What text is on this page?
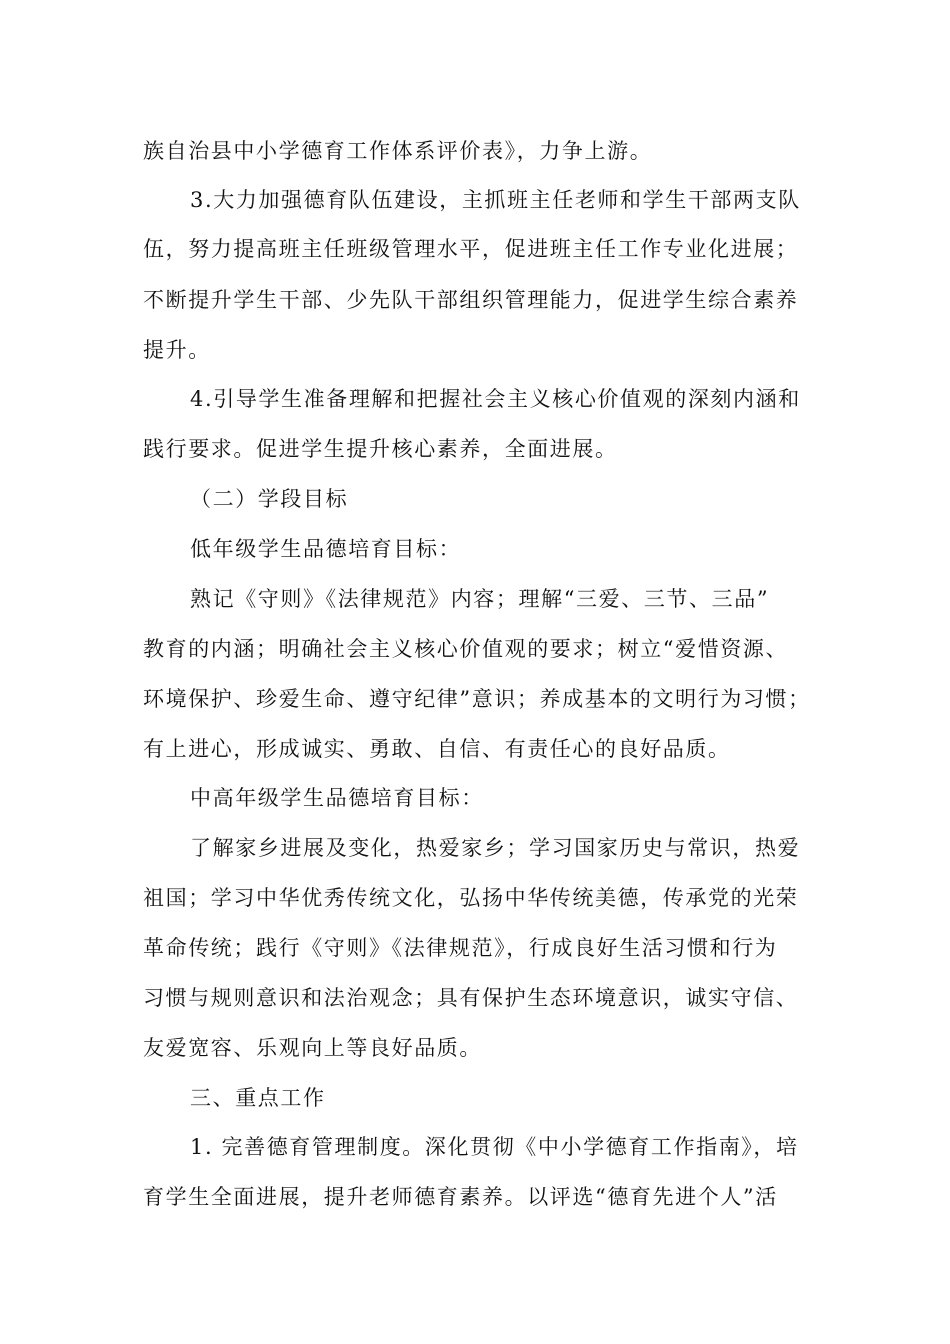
族自治县中小学德育工作体系评价表》，力争上游。
3.大力加强德育队伍建设，主抓班主任老师和学生干部两支队
伍，努力提高班主任班级管理水平，促进班主任工作专业化进展；
不断提升学生干部、少先队干部组织管理能力，促进学生综合素养
提升。
4.引导学生准备理解和把握社会主义核心价值观的深刻内涵和
践行要求。促进学生提升核心素养，全面进展。
（二）学段目标
低年级学生品德培育目标：
熟记《守则》《法律规范》内容；理解“三爱、三节、三品”
教育的内涵；明确社会主义核心价值观的要求；树立“爱惜资源、
环境保护、珍爱生命、遵守纪律”意识；养成基本的文明行为习惯；
有上进心，形成诚实、勇敢、自信、有责任心的良好品质。
中高年级学生品德培育目标：
了解家乡进展及变化，热爱家乡；学习国家历史与常识，热爱
祖国；学习中华优秀传统文化，弘扬中华传统美德，传承党的光荣
革命传统；践行《守则》《法律规范》，行成良好生活习惯和行为
习惯与规则意识和法治观念；具有保护生态环境意识，诚实守信、
友爱宽容、乐观向上等良好品质。
三、重点工作
1. 完善德育管理制度。深化贯彻《中小学德育工作指南》，培
育学生全面进展，提升老师德育素养。以评选“德育先进个人”活
